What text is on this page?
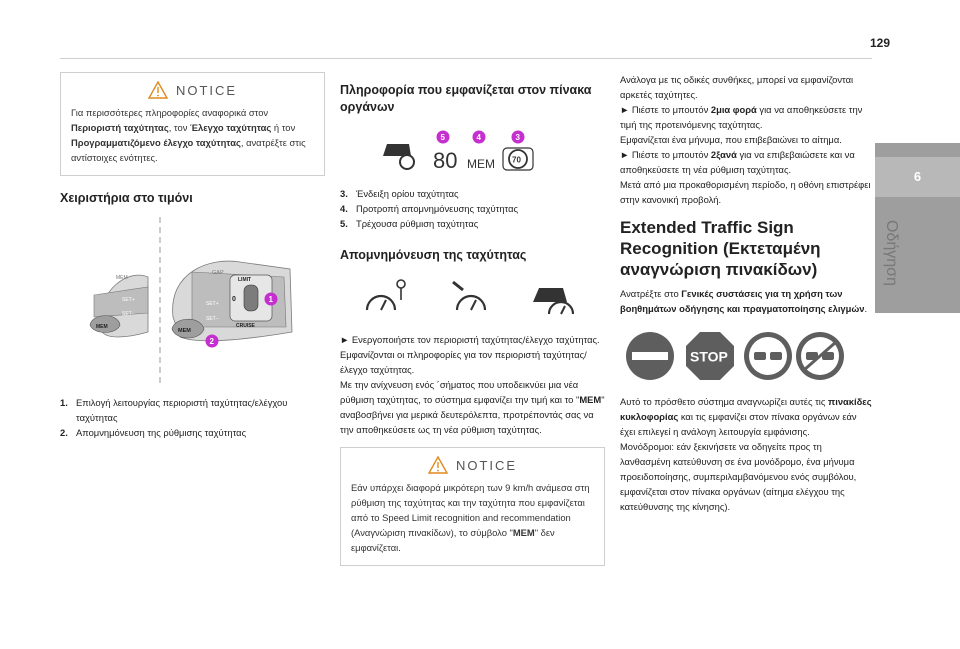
129
6
Οδήγηση
NOTICE
Για περισσότερες πληροφορίες αναφορικά στον Περιοριστή ταχύτητας, τον Έλεγχο ταχύτητας ή τον Προγραμματιζόμενο έλεγχο ταχύτητας, ανατρέξτε στις αντίστοιχες ενότητες.
Χειριστήρια στο τιμόνι
MEM
SET+
SET−
MEM
GAP
LIMIT
CRUISE
0
SET+
SET−
MEM
1
2
1. Επιλογή λειτουργίας περιοριστή ταχύτητας/ελέγχου ταχύτητας
2. Απομνημόνευση της ρύθμισης ταχύτητας
Πληροφορία που εμφανίζεται στον πίνακα οργάνων
80 MEM 70
5	4	3
3. Ένδειξη ορίου ταχύτητας
4. Προτροπή απομνημόνευσης ταχύτητας
5. Τρέχουσα ρύθμιση ταχύτητας
Απομνημόνευση της ταχύτητας
► Ενεργοποιήστε τον περιοριστή ταχύτητας/έλεγχο ταχύτητας.
Εμφανίζονται οι πληροφορίες για τον περιοριστή ταχύτητας/έλεγχο ταχύτητας.
Με την ανίχνευση ενός ´σήματος που υποδεικνύει μια νέα ρύθμιση ταχύτητας, το σύστημα εμφανίζει την τιμή και το "MEM" αναβοσβήνει για μερικά δευτερόλεπτα, προτρέποντάς σας να την αποθηκεύσετε ως τη νέα ρύθμιση ταχύτητας.
NOTICE
Εάν υπάρχει διαφορά μικρότερη των 9 km/h ανάμεσα στη ρύθμιση της ταχύτητας και την ταχύτητα που εμφανίζεται από το Speed Limit recognition and recommendation (Αναγνώριση πινακίδων), το σύμβολο "MEM" δεν εμφανίζεται.
Ανάλογα με τις οδικές συνθήκες, μπορεί να εμφανίζονται αρκετές ταχύτητες.
► Πιέστε το μπουτόν 2μια φορά για να αποθηκεύσετε την τιμή της προτεινόμενης ταχύτητας.
Εμφανίζεται ένα μήνυμα, που επιβεβαιώνει το αίτημα.
► Πιέστε το μπουτόν 2ξανά για να επιβεβαιώσετε και να αποθηκεύσετε τη νέα ρύθμιση ταχύτητας.
Μετά από μια προκαθορισμένη περίοδο, η οθόνη επιστρέφει στην κανονική προβολή.
Extended Traffic Sign Recognition (Εκτεταμένη αναγνώριση πινακίδων)
Ανατρέξτε στο Γενικές συστάσεις για τη χρήση των βοηθημάτων οδήγησης και πραγματοποίησης ελιγμών.
STOP
Αυτό το πρόσθετο σύστημα αναγνωρίζει αυτές τις πινακίδες κυκλοφορίας και τις εμφανίζει στον πίνακα οργάνων εάν έχει επιλεγεί η ανάλογη λειτουργία εμφάνισης.
Μονόδρομοι: εάν ξεκινήσετε να οδηγείτε προς τη λανθασμένη κατεύθυνση σε ένα μονόδρομο, ένα μήνυμα προειδοποίησης, συμπεριλαμβανόμενου ενός συμβόλου, εμφανίζεται στον πίνακα οργάνων (αίτημα ελέγχου της κατεύθυνσης της κίνησης).
